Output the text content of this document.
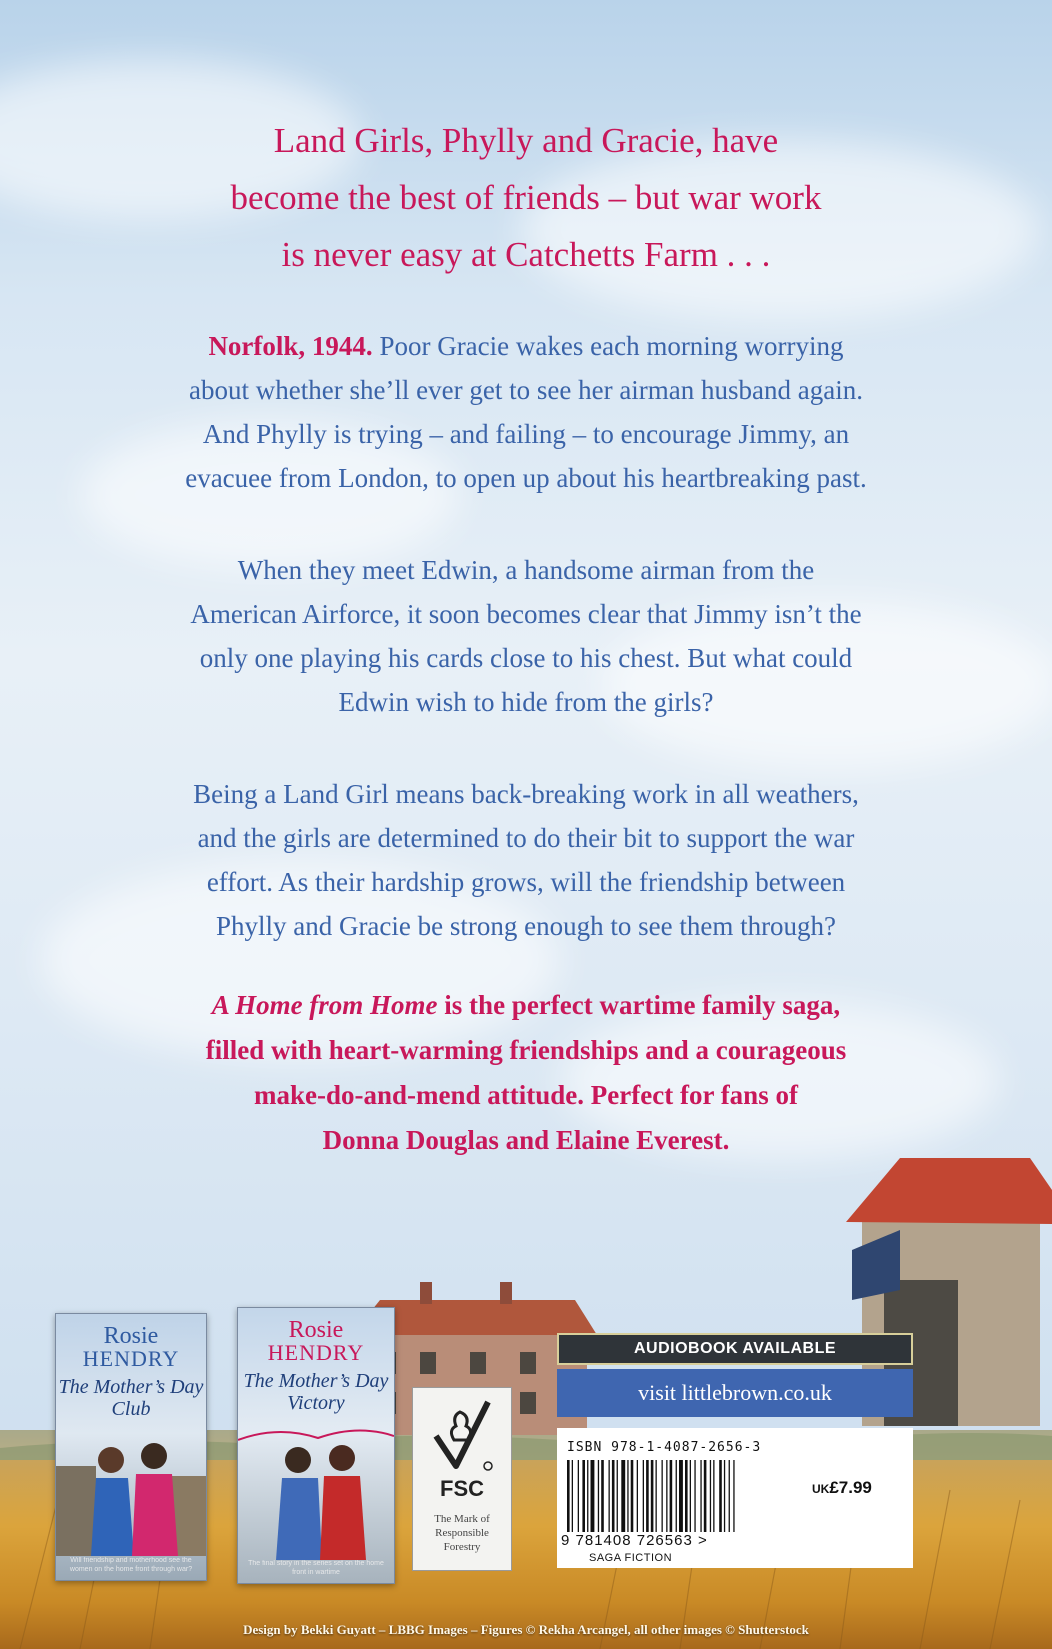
Land Girls, Phylly and Gracie, have
become the best of friends – but war work
is never easy at Catchetts Farm . . .
Norfolk, 1944. Poor Gracie wakes each morning worrying
about whether she’ll ever get to see her airman husband again.
And Phylly is trying – and failing – to encourage Jimmy, an
evacuee from London, to open up about his heartbreaking past.
When they meet Edwin, a handsome airman from the
American Airforce, it soon becomes clear that Jimmy isn’t the
only one playing his cards close to his chest. But what could
Edwin wish to hide from the girls?
Being a Land Girl means back-breaking work in all weathers,
and the girls are determined to do their bit to support the war
effort. As their hardship grows, will the friendship between
Phylly and Gracie be strong enough to see them through?
A Home from Home is the perfect wartime family saga,
filled with heart-warming friendships and a courageous
make-do-and-mend attitude. Perfect for fans of
Donna Douglas and Elaine Everest.
Rosie
HENDRY
The Mother’s Day
Club
Will friendship and motherhood see the women on the home front through war?
Rosie
HENDRY
The Mother’s Day
Victory
The final story in the series set on the home front in wartime
FSC
The Mark of
Responsible
Forestry
AUDIOBOOK AVAILABLE
visit littlebrown.co.uk
ISBN 978-1-4087-2656-3
UK£7.99
9 781408 726563 >
SAGA FICTION
Design by Bekki Guyatt – LBBG Images – Figures © Rekha Arcangel, all other images © Shutterstock
